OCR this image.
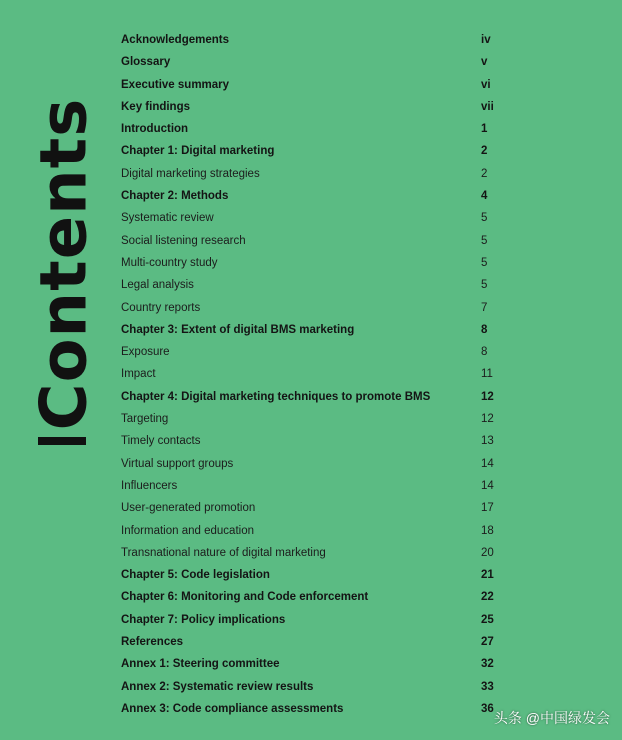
Contents
Acknowledgements	iv
Glossary	v
Executive summary	vi
Key findings	vii
Introduction	1
Chapter 1: Digital marketing	2
Digital marketing strategies	2
Chapter 2: Methods	4
Systematic review	5
Social listening research	5
Multi-country study	5
Legal analysis	5
Country reports	7
Chapter 3: Extent of digital BMS marketing	8
Exposure	8
Impact	11
Chapter 4: Digital marketing techniques to promote BMS	12
Targeting	12
Timely contacts	13
Virtual support groups	14
Influencers	14
User-generated promotion	17
Information and education	18
Transnational nature of digital marketing	20
Chapter 5: Code legislation	21
Chapter 6: Monitoring and Code enforcement	22
Chapter 7: Policy implications	25
References	27
Annex 1: Steering committee	32
Annex 2: Systematic review results	33
Annex 3: Code compliance assessments	36
头条 @中国绿发会
